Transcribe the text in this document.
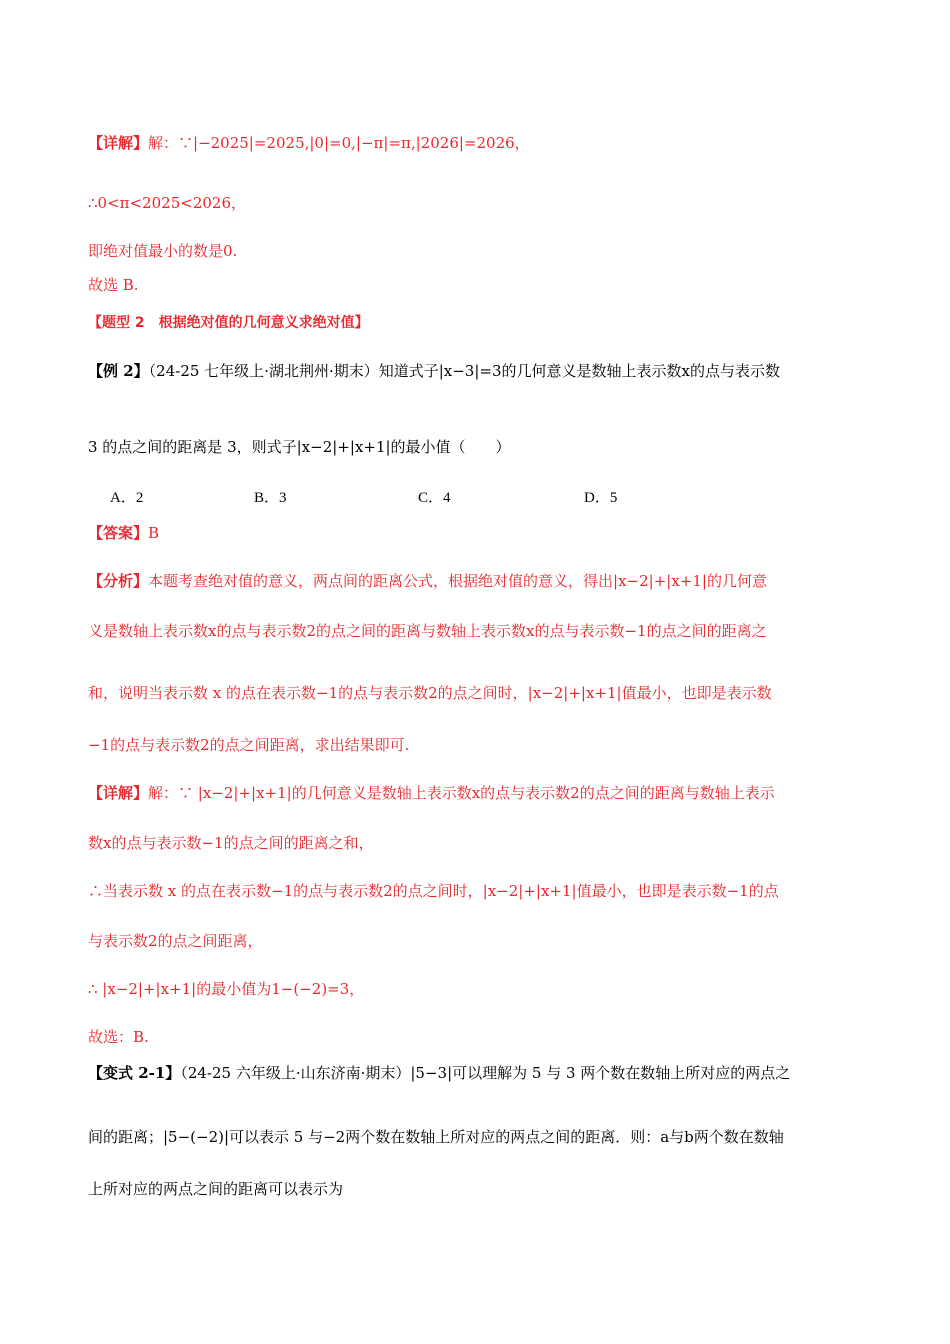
【详解】解：∵|−2025|=2025,|0|=0,|−π|=π,|2026|=2026，
∴0<π<2025<2026，
即绝对值最小的数是0.
故选 B.
【题型 2　根据绝对值的几何意义求绝对值】
【例 2】（24-25 七年级上·湖北荆州·期末）知道式子|x−3|=3的几何意义是数轴上表示数x的点与表示数
3 的点之间的距离是 3，则式子|x−2|+|x+1|的最小值（　　）
A．2	B．3	C．4	D．5
【答案】B
【分析】本题考查绝对值的意义，两点间的距离公式，根据绝对值的意义，得出|x−2|+|x+1|的几何意
义是数轴上表示数x的点与表示数2的点之间的距离与数轴上表示数x的点与表示数−1的点之间的距离之
和，说明当表示数 x 的点在表示数−1的点与表示数2的点之间时，|x−2|+|x+1|值最小，也即是表示数
−1的点与表示数2的点之间距离，求出结果即可.
【详解】解：∵ |x−2|+|x+1|的几何意义是数轴上表示数x的点与表示数2的点之间的距离与数轴上表示
数x的点与表示数−1的点之间的距离之和，
∴当表示数 x 的点在表示数−1的点与表示数2的点之间时，|x−2|+|x+1|值最小，也即是表示数−1的点
与表示数2的点之间距离，
∴ |x−2|+|x+1|的最小值为1−(−2)=3，
故选：B.
【变式 2-1】（24-25 六年级上·山东济南·期末）|5−3|可以理解为 5 与 3 两个数在数轴上所对应的两点之
间的距离；|5−(−2)|可以表示 5 与−2两个数在数轴上所对应的两点之间的距离．则：a与b两个数在数轴
上所对应的两点之间的距离可以表示为
